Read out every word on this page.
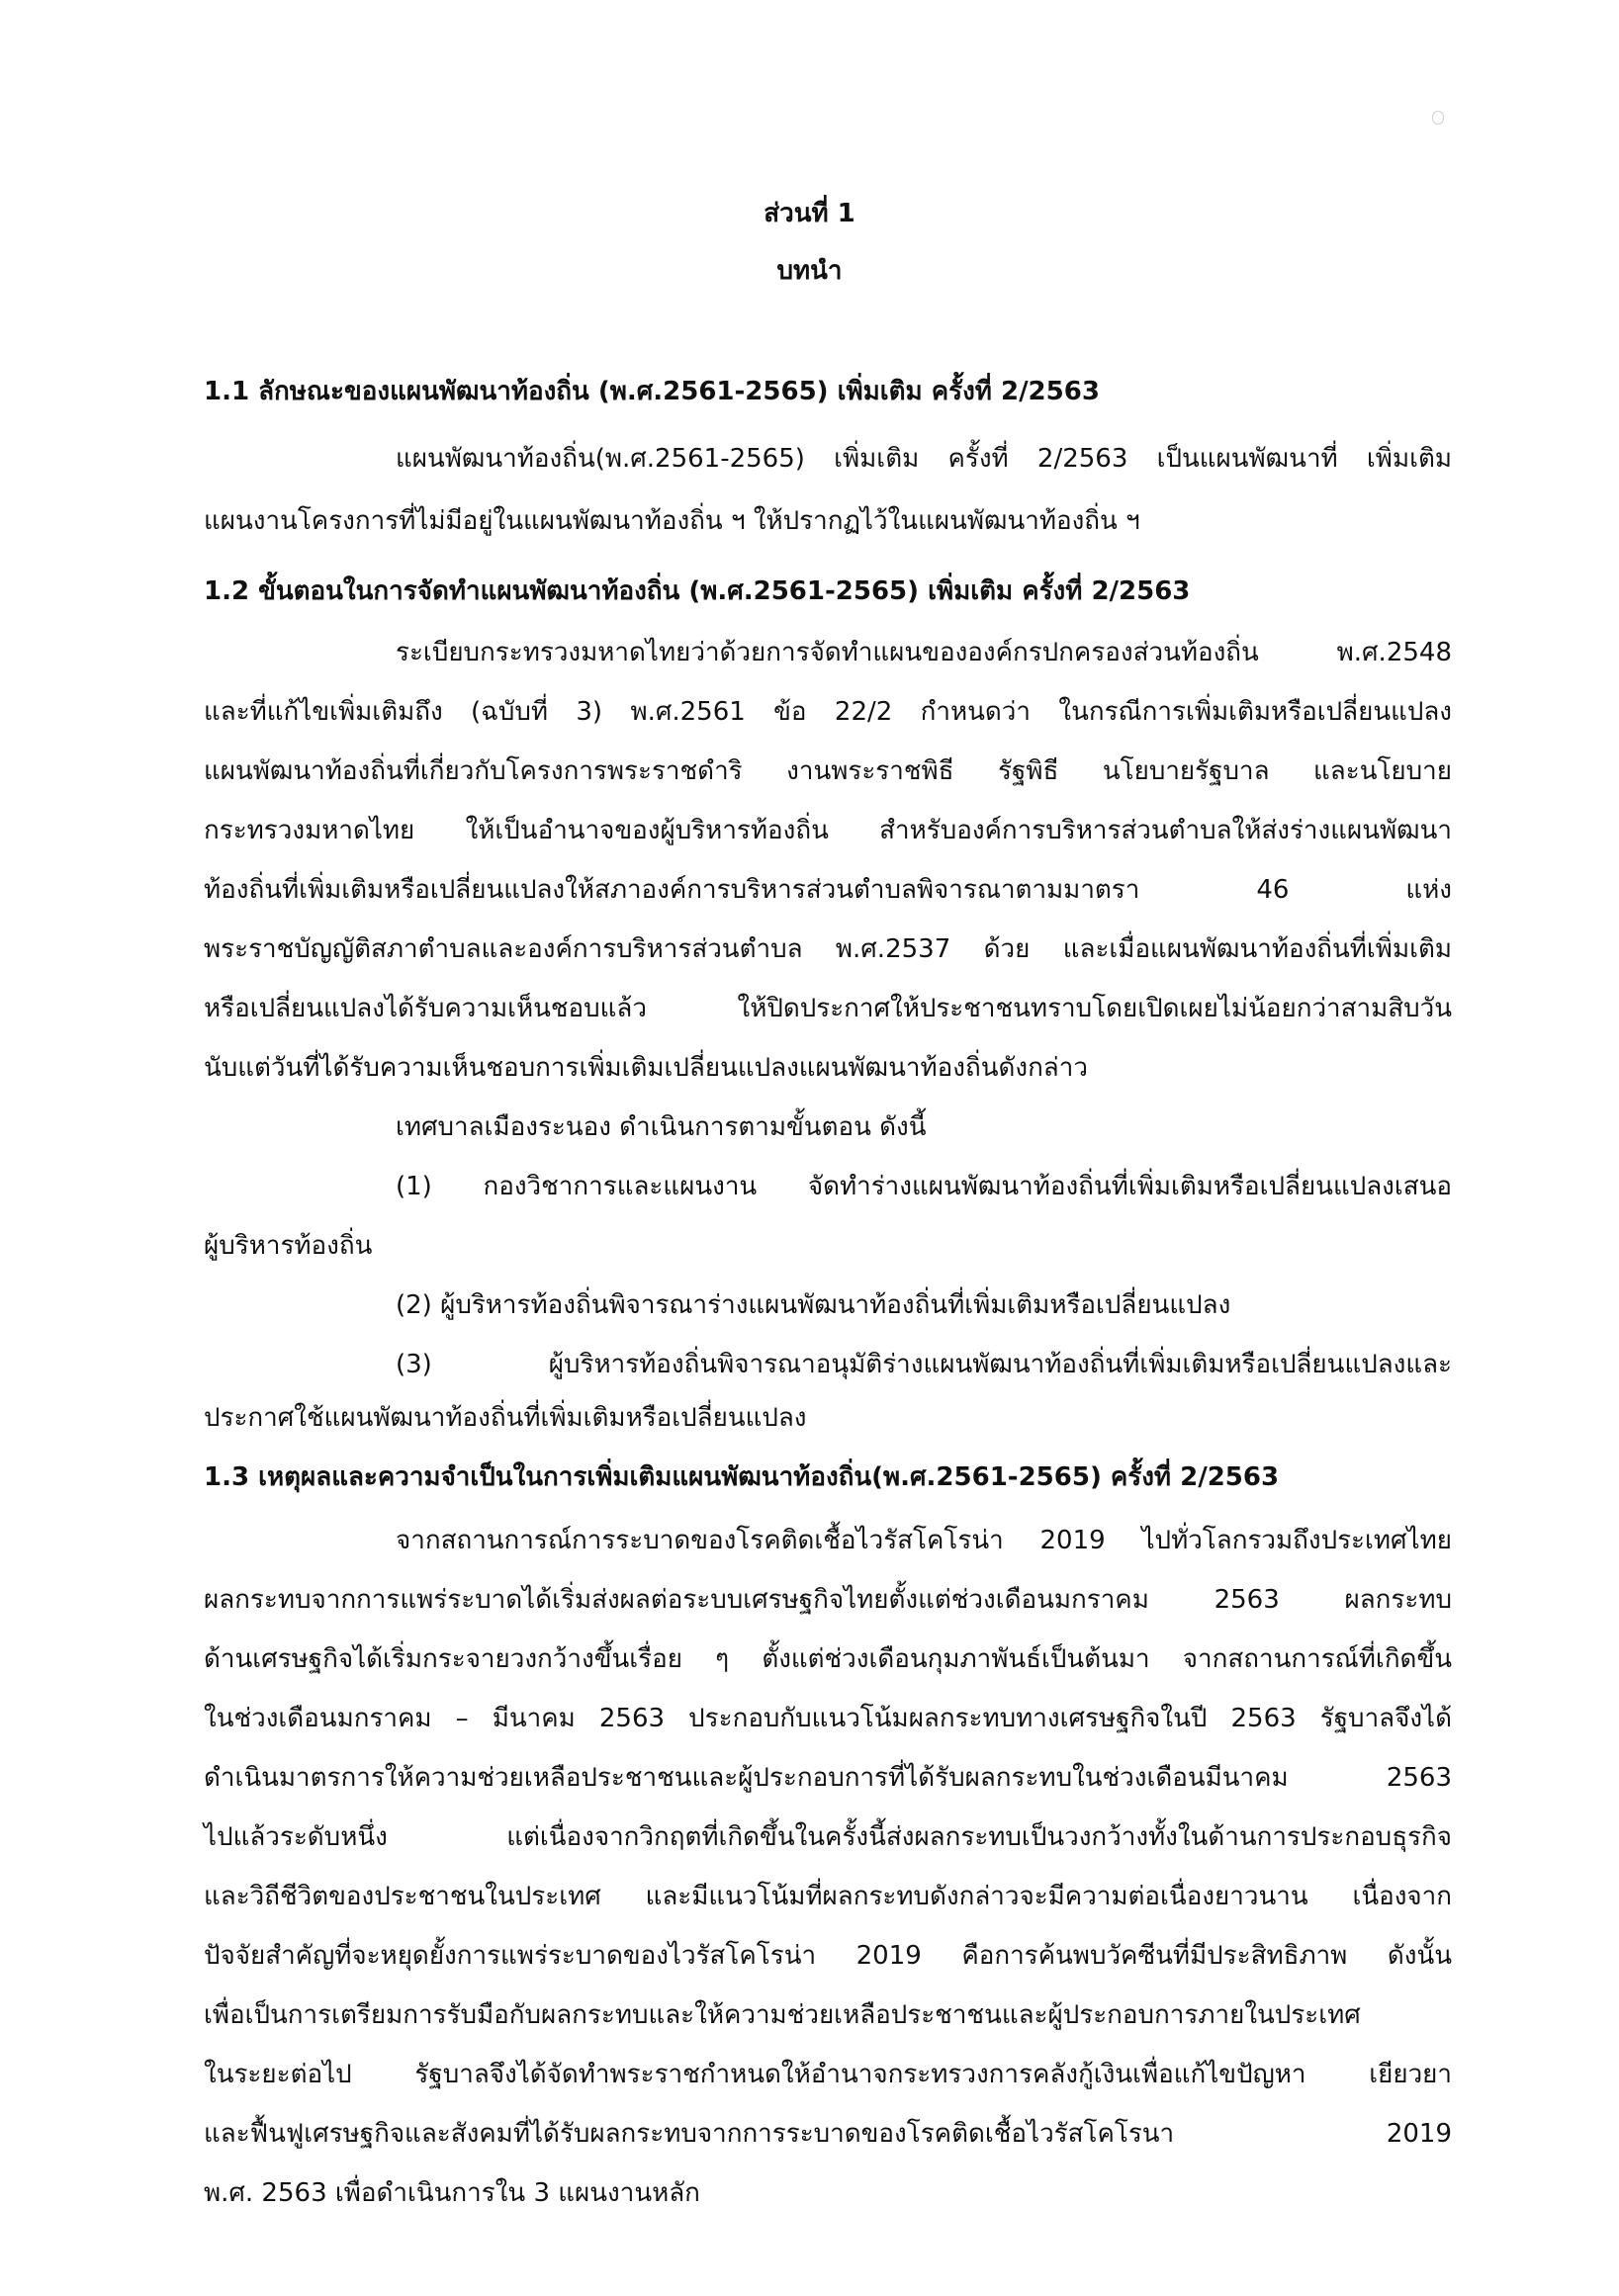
ส่วนที่ 1
บทนำ
1.1 ลักษณะของแผนพัฒนาท้องถิ่น (พ.ศ.2561-2565) เพิ่มเติม ครั้งที่ 2/2563
แผนพัฒนาท้องถิ่น(พ.ศ.2561-2565) เพิ่มเติม ครั้งที่ 2/2563 เป็นแผนพัฒนาที่ เพิ่มเติม
แผนงานโครงการที่ไม่มีอยู่ในแผนพัฒนาท้องถิ่น ฯ ให้ปรากฏไว้ในแผนพัฒนาท้องถิ่น ฯ
1.2 ขั้นตอนในการจัดทำแผนพัฒนาท้องถิ่น (พ.ศ.2561-2565) เพิ่มเติม ครั้งที่ 2/2563
ระเบียบกระทรวงมหาดไทยว่าด้วยการจัดทำแผนขององค์กรปกครองส่วนท้องถิ่น พ.ศ.2548
และที่แก้ไขเพิ่มเติมถึง (ฉบับที่ 3) พ.ศ.2561 ข้อ 22/2 กำหนดว่า ในกรณีการเพิ่มเติมหรือเปลี่ยนแปลง
แผนพัฒนาท้องถิ่นที่เกี่ยวกับโครงการพระราชดำริ งานพระราชพิธี รัฐพิธี นโยบายรัฐบาล และนโยบาย
กระทรวงมหาดไทย ให้เป็นอำนาจของผู้บริหารท้องถิ่น สำหรับองค์การบริหารส่วนตำบลให้ส่งร่างแผนพัฒนา
ท้องถิ่นที่เพิ่มเติมหรือเปลี่ยนแปลงให้สภาองค์การบริหารส่วนตำบลพิจารณาตามมาตรา 46 แห่ง
พระราชบัญญัติสภาตำบลและองค์การบริหารส่วนตำบล พ.ศ.2537 ด้วย และเมื่อแผนพัฒนาท้องถิ่นที่เพิ่มเติม
หรือเปลี่ยนแปลงได้รับความเห็นชอบแล้ว ให้ปิดประกาศให้ประชาชนทราบโดยเปิดเผยไม่น้อยกว่าสามสิบวัน
นับแต่วันที่ได้รับความเห็นชอบการเพิ่มเติมเปลี่ยนแปลงแผนพัฒนาท้องถิ่นดังกล่าว
เทศบาลเมืองระนอง ดำเนินการตามขั้นตอน ดังนี้
(1) กองวิชาการและแผนงาน จัดทำร่างแผนพัฒนาท้องถิ่นที่เพิ่มเติมหรือเปลี่ยนแปลงเสนอ
ผู้บริหารท้องถิ่น
(2) ผู้บริหารท้องถิ่นพิจารณาร่างแผนพัฒนาท้องถิ่นที่เพิ่มเติมหรือเปลี่ยนแปลง
(3) ผู้บริหารท้องถิ่นพิจารณาอนุมัติร่างแผนพัฒนาท้องถิ่นที่เพิ่มเติมหรือเปลี่ยนแปลงและ
ประกาศใช้แผนพัฒนาท้องถิ่นที่เพิ่มเติมหรือเปลี่ยนแปลง
1.3 เหตุผลและความจำเป็นในการเพิ่มเติมแผนพัฒนาท้องถิ่น(พ.ศ.2561-2565) ครั้งที่ 2/2563
จากสถานการณ์การระบาดของโรคติดเชื้อไวรัสโคโรน่า 2019 ไปทั่วโลกรวมถึงประเทศไทย
ผลกระทบจากการแพร่ระบาดได้เริ่มส่งผลต่อระบบเศรษฐกิจไทยตั้งแต่ช่วงเดือนมกราคม 2563 ผลกระทบ
ด้านเศรษฐกิจได้เริ่มกระจายวงกว้างขึ้นเรื่อย ๆ ตั้งแต่ช่วงเดือนกุมภาพันธ์เป็นต้นมา จากสถานการณ์ที่เกิดขึ้น
ในช่วงเดือนมกราคม – มีนาคม 2563 ประกอบกับแนวโน้มผลกระทบทางเศรษฐกิจในปี 2563 รัฐบาลจึงได้
ดำเนินมาตรการให้ความช่วยเหลือประชาชนและผู้ประกอบการที่ได้รับผลกระทบในช่วงเดือนมีนาคม 2563
ไปแล้วระดับหนึ่ง แต่เนื่องจากวิกฤตที่เกิดขึ้นในครั้งนี้ส่งผลกระทบเป็นวงกว้างทั้งในด้านการประกอบธุรกิจ
และวิถีชีวิตของประชาชนในประเทศ และมีแนวโน้มที่ผลกระทบดังกล่าวจะมีความต่อเนื่องยาวนาน เนื่องจาก
ปัจจัยสำคัญที่จะหยุดยั้งการแพร่ระบาดของไวรัสโคโรน่า 2019 คือการค้นพบวัคซีนที่มีประสิทธิภาพ ดังนั้น
เพื่อเป็นการเตรียมการรับมือกับผลกระทบและให้ความช่วยเหลือประชาชนและผู้ประกอบการภายในประเทศ
ในระยะต่อไป รัฐบาลจึงได้จัดทำพระราชกำหนดให้อำนาจกระทรวงการคลังกู้เงินเพื่อแก้ไขปัญหา เยียวยา
และฟื้นฟูเศรษฐกิจและสังคมที่ได้รับผลกระทบจากการระบาดของโรคติดเชื้อไวรัสโคโรนา 2019
พ.ศ. 2563 เพื่อดำเนินการใน 3 แผนงานหลัก
